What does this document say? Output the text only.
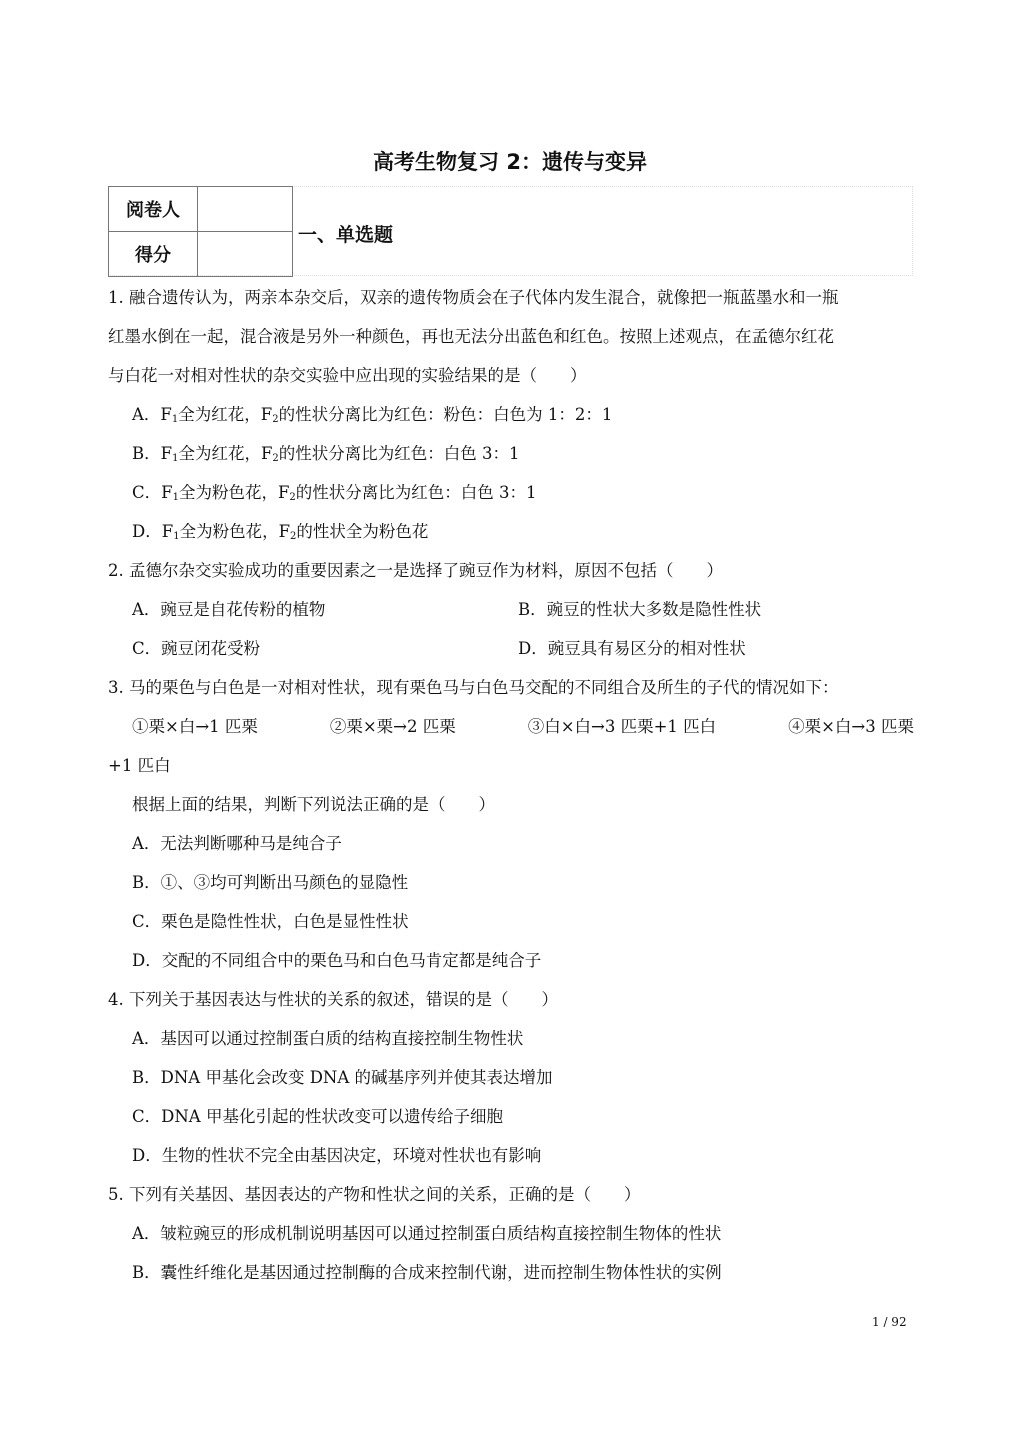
高考生物复习 2：遗传与变异
阅卷人	
得分	
一、单选题
1. 融合遗传认为，两亲本杂交后，双亲的遗传物质会在子代体内发生混合，就像把一瓶蓝墨水和一瓶
红墨水倒在一起，混合液是另外一种颜色，再也无法分出蓝色和红色。按照上述观点，在孟德尔红花
与白花一对相对性状的杂交实验中应出现的实验结果的是（　　）
A．$F_1$全为红花，$F_2$的性状分离比为红色：粉色：白色为 1：2：1
B．$F_1$全为红花，$F_2$的性状分离比为红色：白色 3：1
C．$F_1$全为粉色花，$F_2$的性状分离比为红色：白色 3：1
D．$F_1$全为粉色花，$F_2$的性状全为粉色花
2. 孟德尔杂交实验成功的重要因素之一是选择了豌豆作为材料，原因不包括（　　）
A．豌豆是自花传粉的植物	B．豌豆的性状大多数是隐性性状
C．豌豆闭花受粉	D．豌豆具有易区分的相对性状
3. 马的栗色与白色是一对相对性状，现有栗色马与白色马交配的不同组合及所生的子代的情况如下：
①栗×白→1 匹栗	②栗×栗→2 匹栗	③白×白→3 匹栗+1 匹白	④栗×白→3 匹栗
+1 匹白
根据上面的结果，判断下列说法正确的是（　　）
A．无法判断哪种马是纯合子
B．①、③均可判断出马颜色的显隐性
C．栗色是隐性性状，白色是显性性状
D．交配的不同组合中的栗色马和白色马肯定都是纯合子
4. 下列关于基因表达与性状的关系的叙述，错误的是（　　）
A．基因可以通过控制蛋白质的结构直接控制生物性状
B．DNA 甲基化会改变 DNA 的碱基序列并使其表达增加
C．DNA 甲基化引起的性状改变可以遗传给子细胞
D．生物的性状不完全由基因决定，环境对性状也有影响
5. 下列有关基因、基因表达的产物和性状之间的关系，正确的是（　　）
A．皱粒豌豆的形成机制说明基因可以通过控制蛋白质结构直接控制生物体的性状
B．囊性纤维化是基因通过控制酶的合成来控制代谢，进而控制生物体性状的实例
1 / 92
